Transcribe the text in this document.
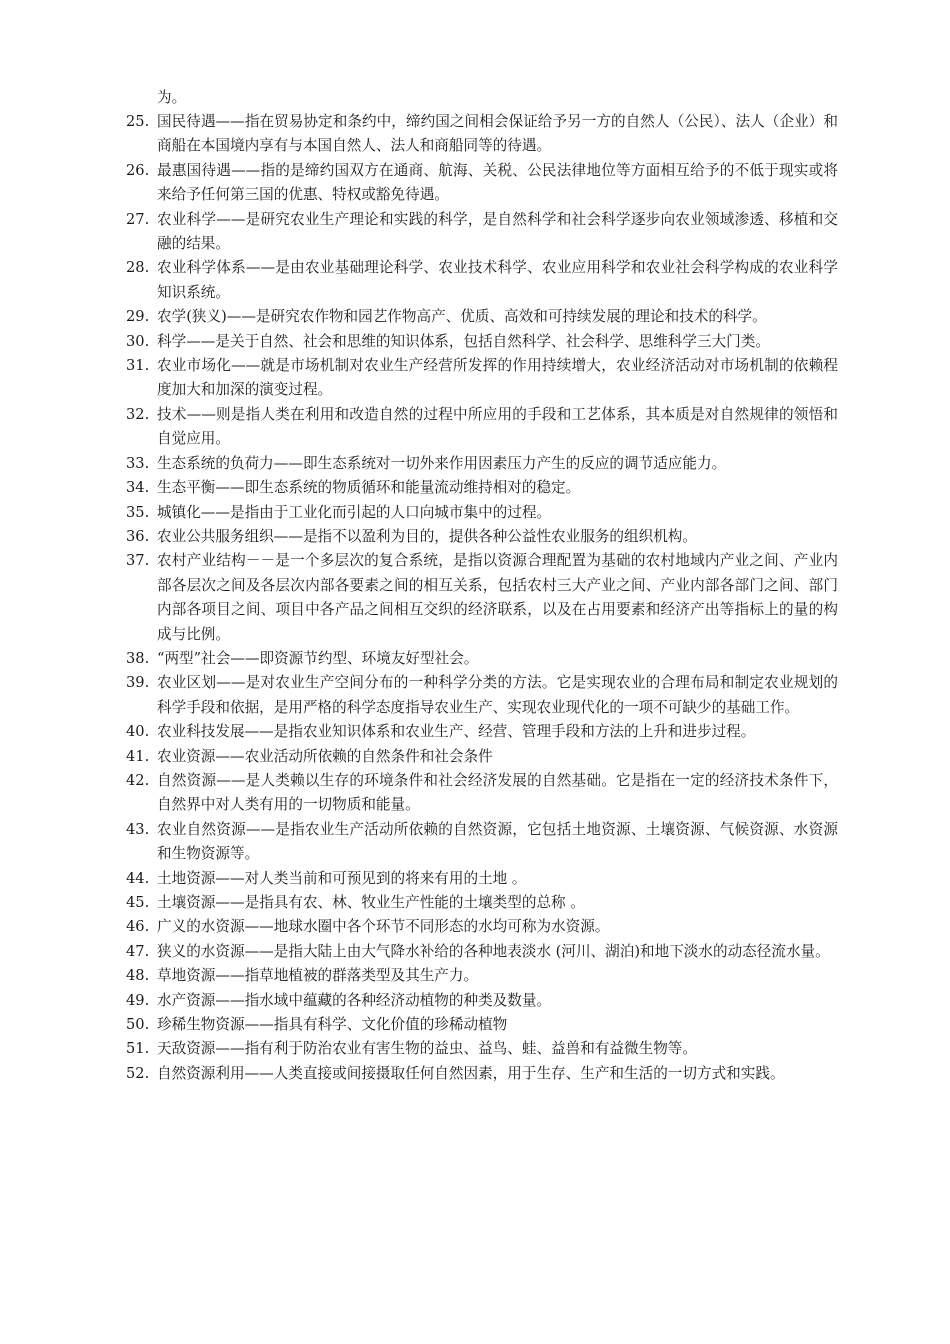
为。
25. 国民待遇——指在贸易协定和条约中，缔约国之间相会保证给予另一方的自然人（公民）、法人（企业）和商船在本国境内享有与本国自然人、法人和商船同等的待遇。
26. 最惠国待遇——指的是缔约国双方在通商、航海、关税、公民法律地位等方面相互给予的不低于现实或将来给予任何第三国的优惠、特权或豁免待遇。
27. 农业科学——是研究农业生产理论和实践的科学，是自然科学和社会科学逐步向农业领域渗透、移植和交融的结果。
28. 农业科学体系——是由农业基础理论科学、农业技术科学、农业应用科学和农业社会科学构成的农业科学知识系统。
29. 农学(狭义)——是研究农作物和园艺作物高产、优质、高效和可持续发展的理论和技术的科学。
30. 科学——是关于自然、社会和思维的知识体系，包括自然科学、社会科学、思维科学三大门类。
31. 农业市场化——就是市场机制对农业生产经营所发挥的作用持续增大，农业经济活动对市场机制的依赖程度加大和加深的演变过程。
32. 技术——则是指人类在利用和改造自然的过程中所应用的手段和工艺体系，其本质是对自然规律的领悟和自觉应用。
33. 生态系统的负荷力——即生态系统对一切外来作用因素压力产生的反应的调节适应能力。
34. 生态平衡——即生态系统的物质循环和能量流动维持相对的稳定。
35. 城镇化——是指由于工业化而引起的人口向城市集中的过程。
36. 农业公共服务组织——是指不以盈利为目的，提供各种公益性农业服务的组织机构。
37. 农村产业结构－－是一个多层次的复合系统，是指以资源合理配置为基础的农村地域内产业之间、产业内部各层次之间及各层次内部各要素之间的相互关系，包括农村三大产业之间、产业内部各部门之间、部门内部各项目之间、项目中各产品之间相互交织的经济联系，以及在占用要素和经济产出等指标上的量的构成与比例。
38. “两型”社会——即资源节约型、环境友好型社会。
39. 农业区划——是对农业生产空间分布的一种科学分类的方法。它是实现农业的合理布局和制定农业规划的科学手段和依据，是用严格的科学态度指导农业生产、实现农业现代化的一项不可缺少的基础工作。
40. 农业科技发展——是指农业知识体系和农业生产、经营、管理手段和方法的上升和进步过程。
41. 农业资源——农业活动所依赖的自然条件和社会条件
42. 自然资源——是人类赖以生存的环境条件和社会经济发展的自然基础。它是指在一定的经济技术条件下，自然界中对人类有用的一切物质和能量。
43. 农业自然资源——是指农业生产活动所依赖的自然资源，它包括土地资源、土壤资源、气候资源、水资源和生物资源等。
44. 土地资源——对人类当前和可预见到的将来有用的土地 。
45. 土壤资源——是指具有农、林、牧业生产性能的土壤类型的总称 。
46. 广义的水资源——地球水圈中各个环节不同形态的水均可称为水资源。
47. 狭义的水资源——是指大陆上由大气降水补给的各种地表淡水 (河川、湖泊)和地下淡水的动态径流水量。
48. 草地资源——指草地植被的群落类型及其生产力。
49. 水产资源——指水域中蕴藏的各种经济动植物的种类及数量。
50. 珍稀生物资源——指具有科学、文化价值的珍稀动植物
51. 天敌资源——指有利于防治农业有害生物的益虫、益鸟、蛙、益兽和有益微生物等。
52. 自然资源利用——人类直接或间接摄取任何自然因素，用于生存、生产和生活的一切方式和实践。
